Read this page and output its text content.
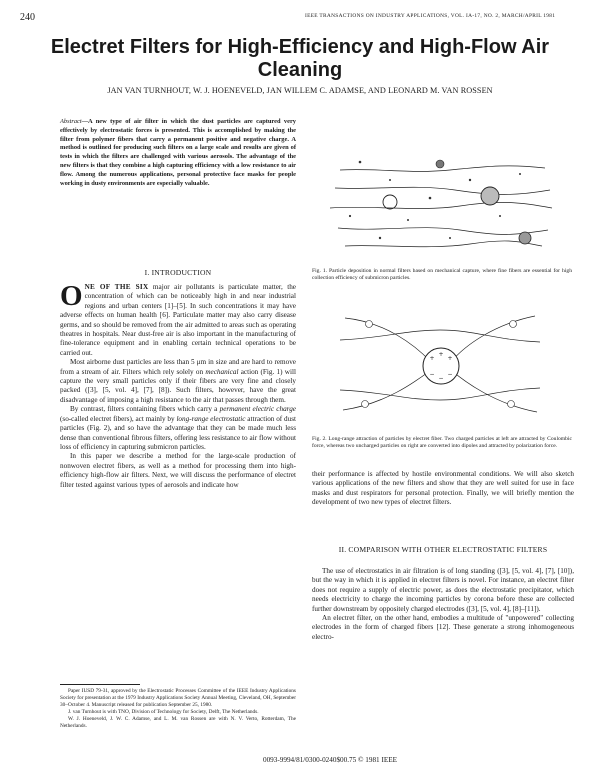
240	IEEE TRANSACTIONS ON INDUSTRY APPLICATIONS, VOL. IA-17, NO. 2, MARCH/APRIL 1981
Electret Filters for High-Efficiency and High-Flow Air Cleaning
JAN VAN TURNHOUT, W. J. HOENEVELD, JAN WILLEM C. ADAMSE, AND LEONARD M. VAN ROSSEN
Abstract—A new type of air filter in which the dust particles are captured very effectively by electrostatic forces is presented. This is accomplished by making the filter from polymer fibers that carry a permanent positive and negative charge. A method is outlined for producing such filters on a large scale and results are given of tests in which the filters are challenged with various aerosols. The advantage of the new filters is that they combine a high capturing efficiency with a low resistance to air flow. Among the numerous applications, personal protective face masks for people working in dusty environments are especially valuable.
I. INTRODUCTION

ONE OF THE SIX major air pollutants is particulate matter, the concentration of which can be noticeably high in and near industrial regions and urban centers [1]–[5]. In such concentrations it may have adverse effects on human health [6]. Particulate matter may also carry disease germs, and so should be removed from the air admitted to areas such as operating theatres in hospitals. Near dust-free air is also important in the manufacturing of fine-tolerance equipment and in enabling certain technical operations to be carried out.

Most airborne dust particles are less than 5 μm in size and are hard to remove from a stream of air. Filters which rely solely on mechanical action (Fig. 1) will capture the very small particles only if their fibers are very fine and closely packed ([3], [5, vol. 4], [7], [8]). Such filters, however, have the great disadvantage of imposing a high resistance to the air that passes through them.

By contrast, filters containing fibers which carry a permanent electric charge (so-called electret fibers), act mainly by long-range electrostatic attraction of dust particles (Fig. 2), and so have the advantage that they can be made much less dense than conventional fibrous filters, offering less resistance to air flow without loss of efficiency in capturing submicron particles.

In this paper we describe a method for the large-scale production of nonwoven electret fibers, as well as a method for processing them into high-efficiency high-flow air filters. Next, we will discuss the performance of electret filter tested against various types of aerosols and indicate how

Paper IUSD 79-31, approved by the Electrostatic Processes Committee of the IEEE Industry Applications Society for presentation at the 1979 Industry Applications Society Annual Meeting, Cleveland, OH, September 30–October 4. Manuscript released for publication September 25, 1980.

J. van Turnhout is with TNO, Division of Technology for Society, Delft, The Netherlands.

W. J. Hoeneveld, J. W. C. Adamse, and L. M. van Rossen are with N. V. Verto, Rotterdam, The Netherlands.

Fig. 1. Particle deposition in normal filters based on mechanical capture, where fine fibers are essential for high collection efficiency of submicron particles.
+
+
+
−
−
−
Fig. 2. Long-range attraction of particles by electret fiber. Two charged particles at left are attracted by Coulombic force, whereas two uncharged particles on right are converted into dipoles and attracted by polarization force.

their performance is affected by hostile environmental conditions. We will also sketch various applications of the new filters and show that they are well suited for use in face masks and dust respirators for personal protection. Finally, we will briefly mention the development of two new types of electret filters.

II. COMPARISON WITH OTHER ELECTROSTATIC FILTERS

The use of electrostatics in air filtration is of long standing ([3], [5, vol. 4], [7], [10]), but the way in which it is applied in electret filters is novel. For instance, an electret filter does not require a supply of electric power, as does the electrostatic precipitator, which needs electricity to charge the incoming particles by corona before these are collected further downstream by oppositely charged electrodes ([3], [5, vol. 4], [8]–[11]).

An electret filter, on the other hand, embodies a multitude of "unpowered" collecting electrodes in the form of charged fibers [12]. These generate a strong inhomogeneous electro-

0093-9994/81/0300-0240$00.75 © 1981 IEEE
